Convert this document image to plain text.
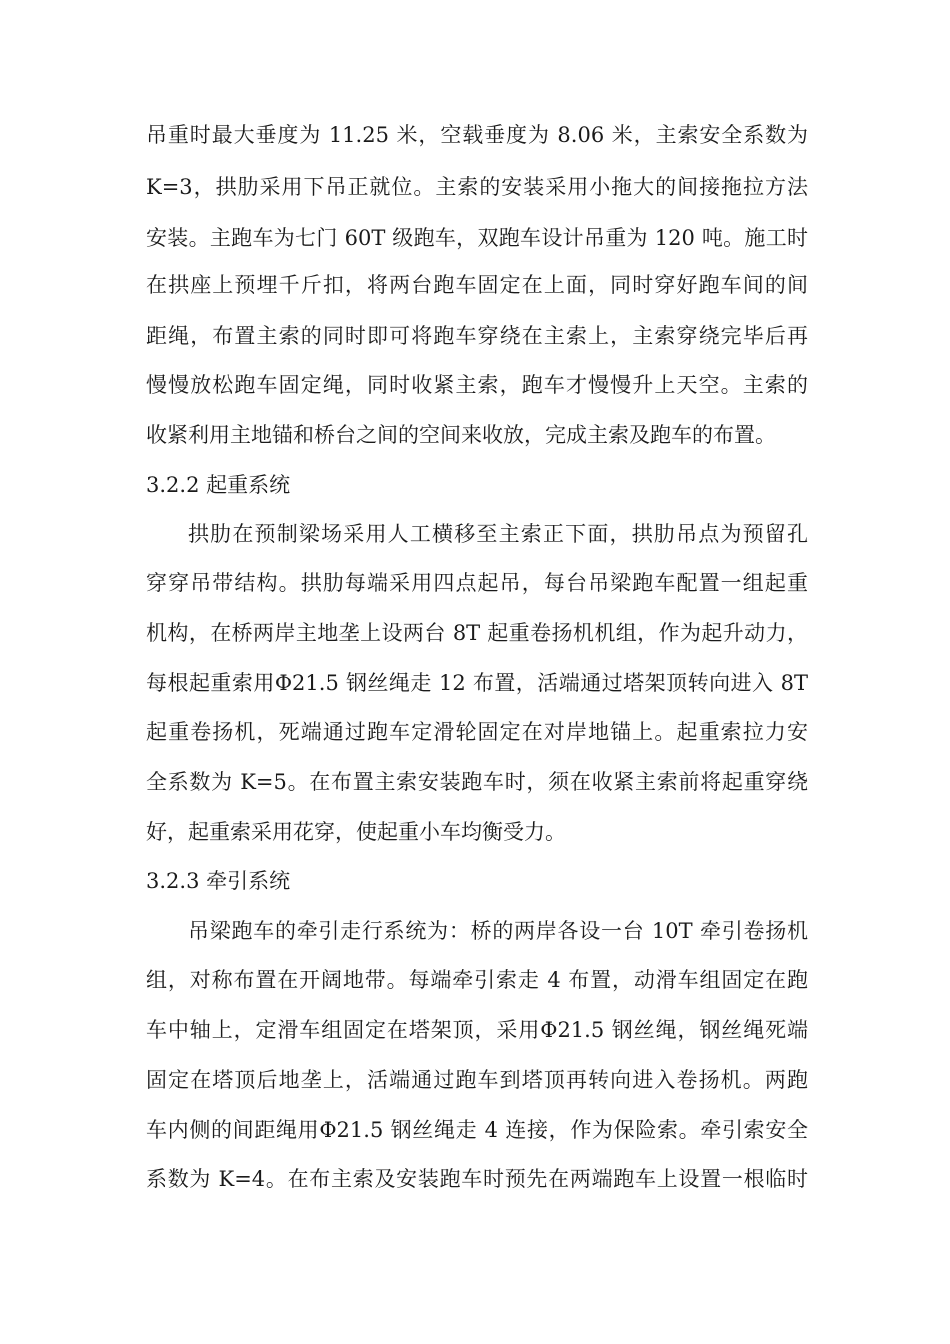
吊重时最大垂度为 11.25 米，空载垂度为 8.06 米，主索安全系数为
K=3，拱肋采用下吊正就位。主索的安装采用小拖大的间接拖拉方法
安装。主跑车为七门 60T 级跑车，双跑车设计吊重为 120 吨。施工时
在拱座上预埋千斤扣，将两台跑车固定在上面，同时穿好跑车间的间
距绳，布置主索的同时即可将跑车穿绕在主索上，主索穿绕完毕后再
慢慢放松跑车固定绳，同时收紧主索，跑车才慢慢升上天空。主索的
收紧利用主地锚和桥台之间的空间来收放，完成主索及跑车的布置。
3.2.2 起重系统
拱肋在预制梁场采用人工横移至主索正下面，拱肋吊点为预留孔
穿穿吊带结构。拱肋每端采用四点起吊，每台吊梁跑车配置一组起重
机构，在桥两岸主地垄上设两台 8T 起重卷扬机机组，作为起升动力，
每根起重索用Φ21.5 钢丝绳走 12 布置，活端通过塔架顶转向进入 8T
起重卷扬机，死端通过跑车定滑轮固定在对岸地锚上。起重索拉力安
全系数为 K=5。在布置主索安装跑车时，须在收紧主索前将起重穿绕
好，起重索采用花穿，使起重小车均衡受力。
3.2.3 牵引系统
吊梁跑车的牵引走行系统为：桥的两岸各设一台 10T 牵引卷扬机
组，对称布置在开阔地带。每端牵引索走 4 布置，动滑车组固定在跑
车中轴上，定滑车组固定在塔架顶，采用Φ21.5 钢丝绳，钢丝绳死端
固定在塔顶后地垄上，活端通过跑车到塔顶再转向进入卷扬机。两跑
车内侧的间距绳用Φ21.5 钢丝绳走 4 连接，作为保险索。牵引索安全
系数为 K=4。在布主索及安装跑车时预先在两端跑车上设置一根临时
